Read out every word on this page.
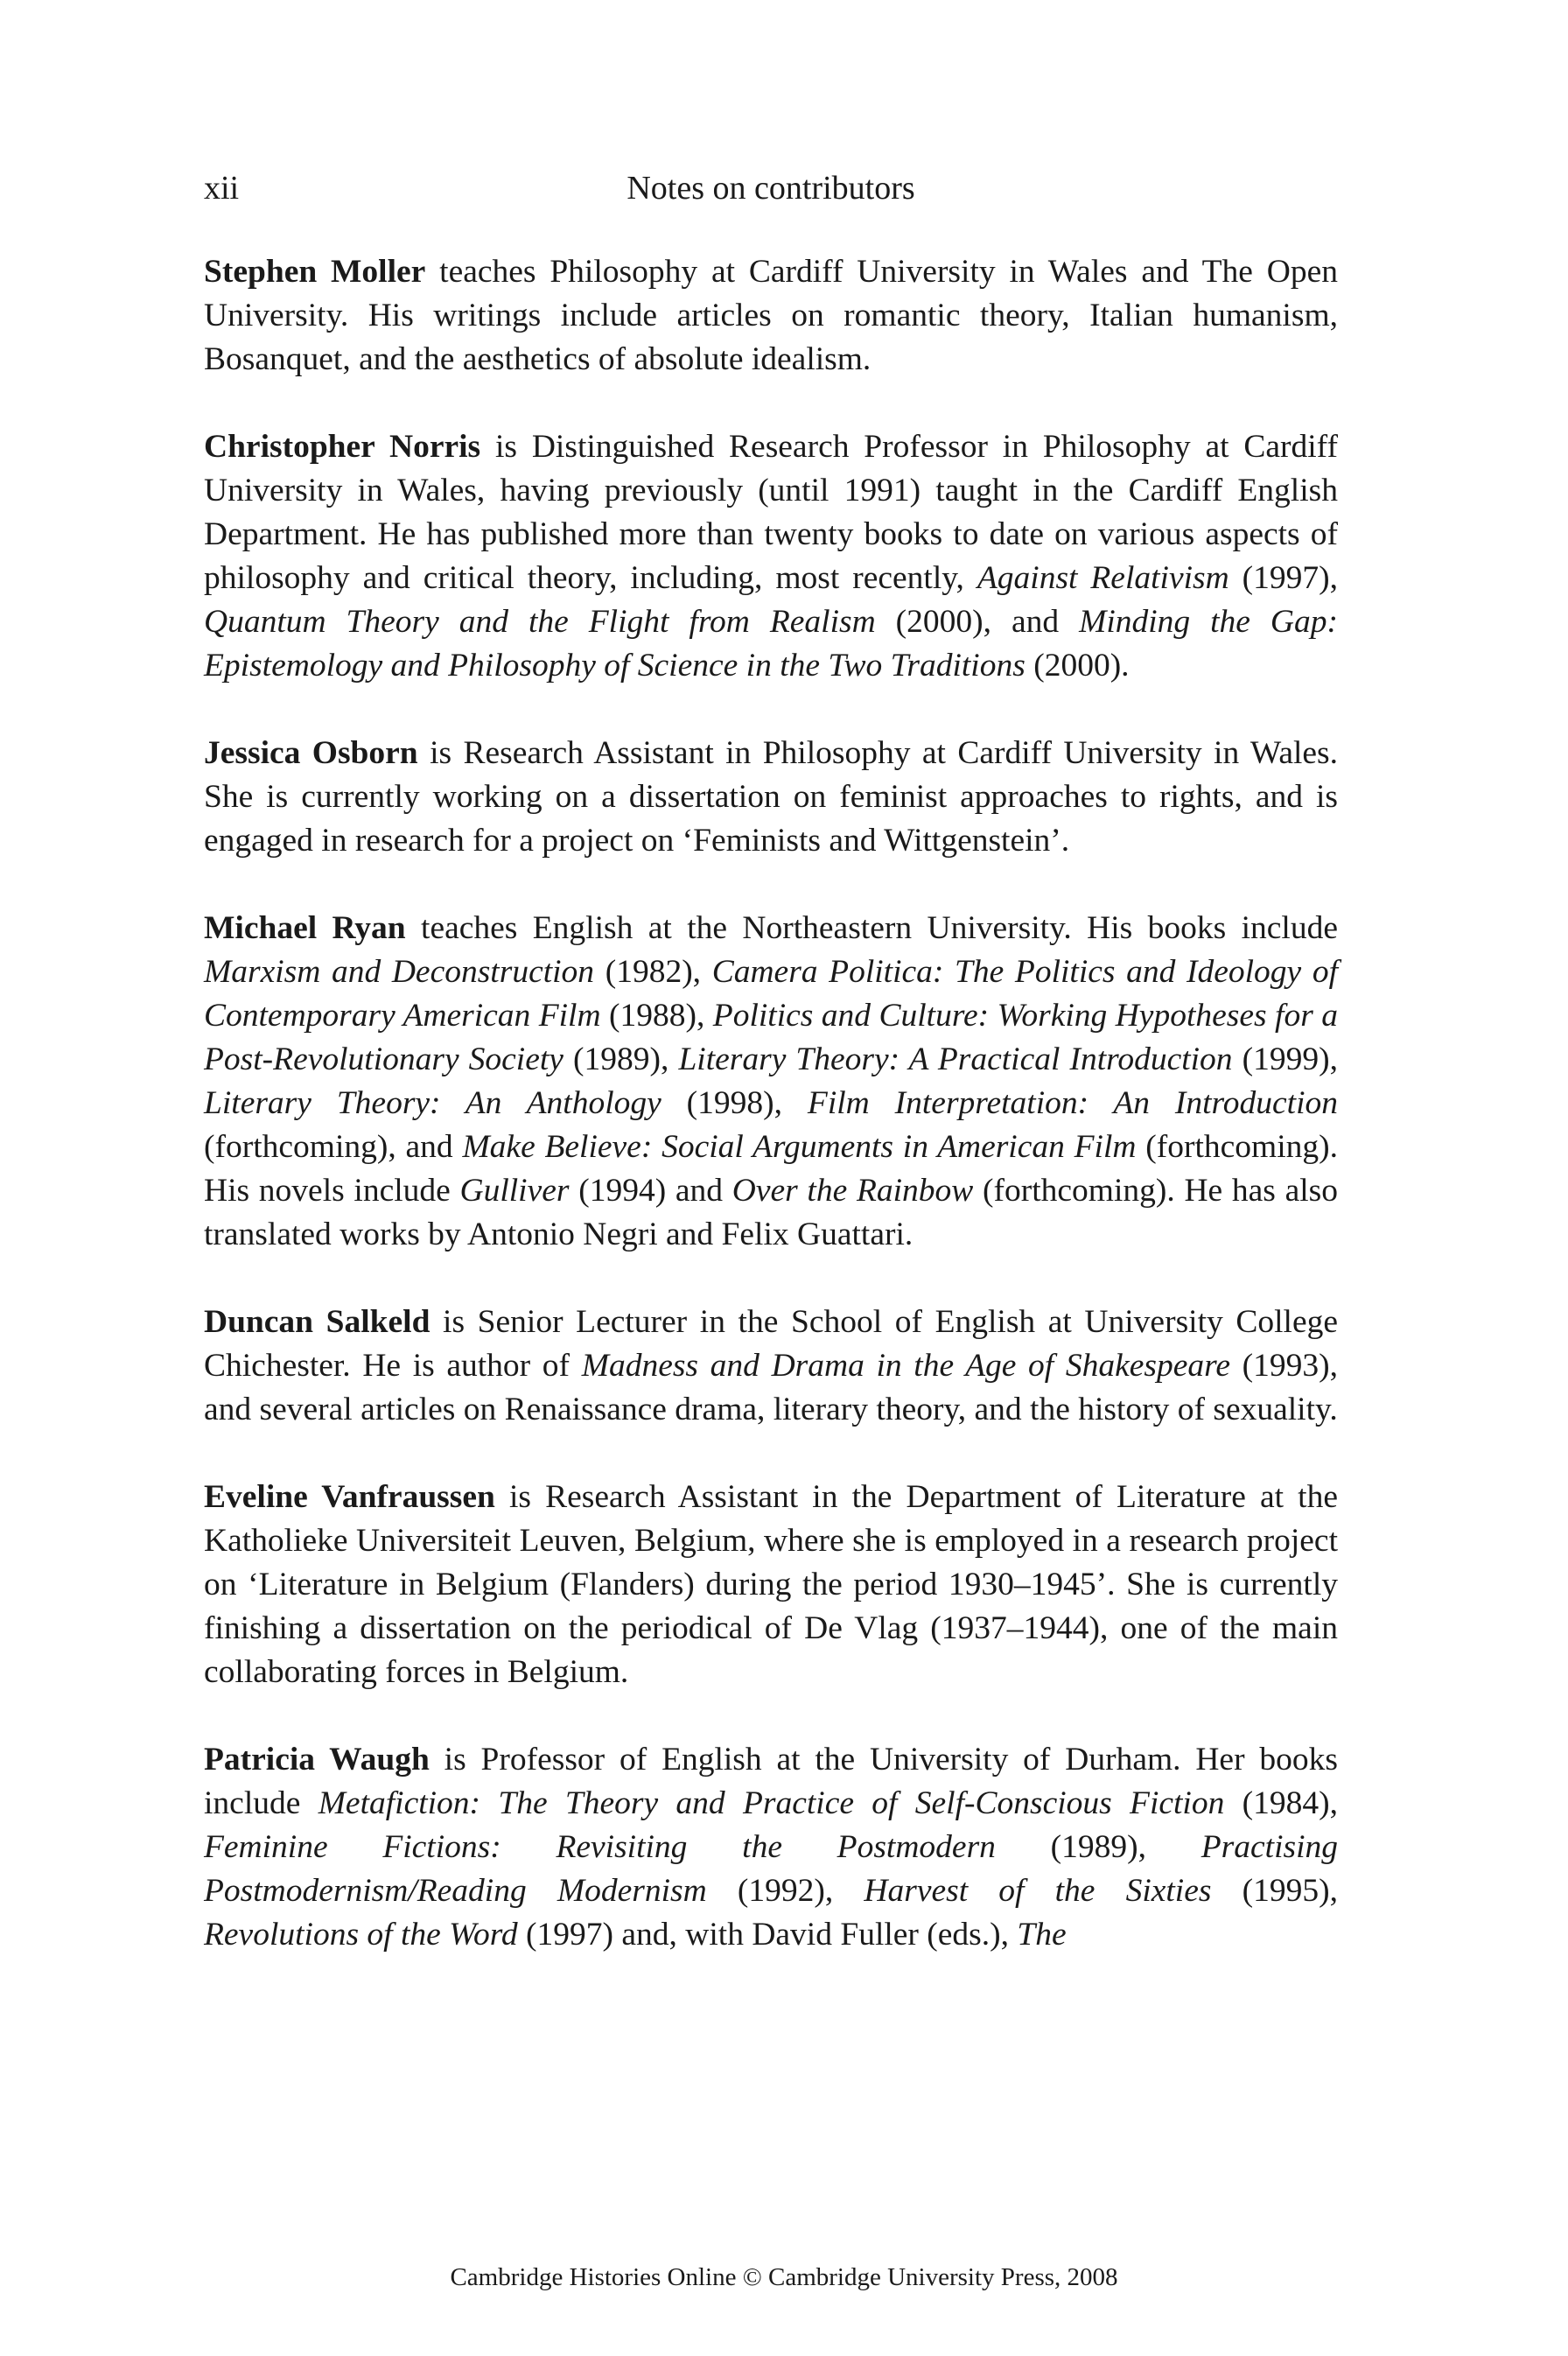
xii	Notes on contributors

Stephen Moller teaches Philosophy at Cardiff University in Wales and The Open University. His writings include articles on romantic theory, Italian humanism, Bosanquet, and the aesthetics of absolute idealism.

Christopher Norris is Distinguished Research Professor in Philosophy at Cardiff University in Wales, having previously (until 1991) taught in the Cardiff English Department. He has published more than twenty books to date on various aspects of philosophy and critical theory, including, most recently, Against Relativism (1997), Quantum Theory and the Flight from Realism (2000), and Minding the Gap: Epistemology and Philosophy of Science in the Two Traditions (2000).

Jessica Osborn is Research Assistant in Philosophy at Cardiff University in Wales. She is currently working on a dissertation on feminist approaches to rights, and is engaged in research for a project on ‘Feminists and Wittgenstein’.

Michael Ryan teaches English at the Northeastern University. His books include Marxism and Deconstruction (1982), Camera Politica: The Politics and Ideology of Contemporary American Film (1988), Politics and Culture: Working Hypotheses for a Post-Revolutionary Society (1989), Literary Theory: A Practical Introduction (1999), Literary Theory: An Anthology (1998), Film Interpretation: An Introduction (forthcoming), and Make Believe: Social Arguments in American Film (forthcoming). His novels include Gulliver (1994) and Over the Rainbow (forthcoming). He has also translated works by Antonio Negri and Felix Guattari.

Duncan Salkeld is Senior Lecturer in the School of English at University College Chichester. He is author of Madness and Drama in the Age of Shakespeare (1993), and several articles on Renaissance drama, literary theory, and the history of sexuality.

Eveline Vanfraussen is Research Assistant in the Department of Literature at the Katholieke Universiteit Leuven, Belgium, where she is employed in a research project on ‘Literature in Belgium (Flanders) during the period 1930–1945’. She is currently finishing a dissertation on the periodical of De Vlag (1937–1944), one of the main collaborating forces in Belgium.

Patricia Waugh is Professor of English at the University of Durham. Her books include Metafiction: The Theory and Practice of Self-Conscious Fiction (1984), Feminine Fictions: Revisiting the Postmodern (1989), Practising Postmodernism/Reading Modernism (1992), Harvest of the Sixties (1995), Revolutions of the Word (1997) and, with David Fuller (eds.), The

Cambridge Histories Online © Cambridge University Press, 2008
